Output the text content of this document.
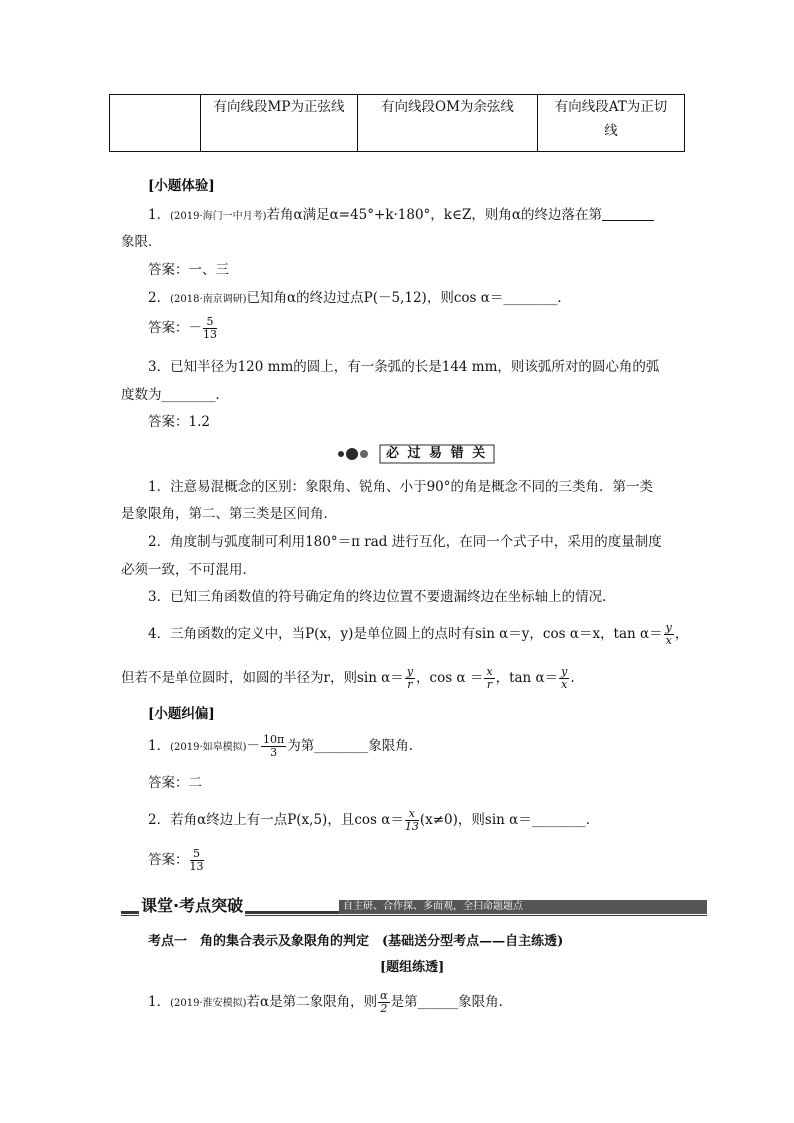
	有向线段MP为正弦线	有向线段OM为余弦线	有向线段AT为正切
线
[小题体验]
1．(2019·海门一中月考)若角α满足α=45°+k·180°，k∈Z，则角α的终边落在第
象限．
答案：一、三
2．(2018·南京调研)已知角α的终边过点P(－5,12)，则cos α＝________．
答案：－ $\frac{5}{13}$
3．已知半径为120 mm的圆上，有一条弧的长是144 mm，则该弧所对的圆心角的弧
度数为________．
答案：1.2
必 过 易 错 关
1．注意易混概念的区别：象限角、锐角、小于90°的角是概念不同的三类角．第一类
是象限角，第二、第三类是区间角．
2．角度制与弧度制可利用180°＝π rad 进行互化，在同一个式子中，采用的度量制度
必须一致，不可混用．
3．已知三角函数值的符号确定角的终边位置不要遗漏终边在坐标轴上的情况．
4．三角函数的定义中，当P(x，y)是单位圆上的点时有sin α＝y，cos α＝x，$\tan \alpha= \frac{y}{x}$ ，
但若不是单位圆时，如圆的半径为r，则$\sin \alpha= \frac{y}{r}$ ，$\cos \alpha = \frac{x}{r}$ ，$\tan \alpha= \frac{y}{x}$ .
[小题纠偏]
1．(2019·如皋模拟)－ $\frac{10\pi}{3}$ 为第________象限角．
答案：二
2．若角α终边上有一点P(x,5)，且$\cos \alpha= \frac{x}{13} (x\ne 0)$，则sin α＝________．
答案： $\frac{5}{13}$
课堂·考点突破	自主研、合作探、多面观，全扫命题题点
考点一　角的集合表示及象限角的判定　(基础送分型考点——自主练透)
[题组练透]
1．(2019·淮安模拟)若α是第二象限角，则 $\frac{\alpha}{2}$ 是第______象限角．
